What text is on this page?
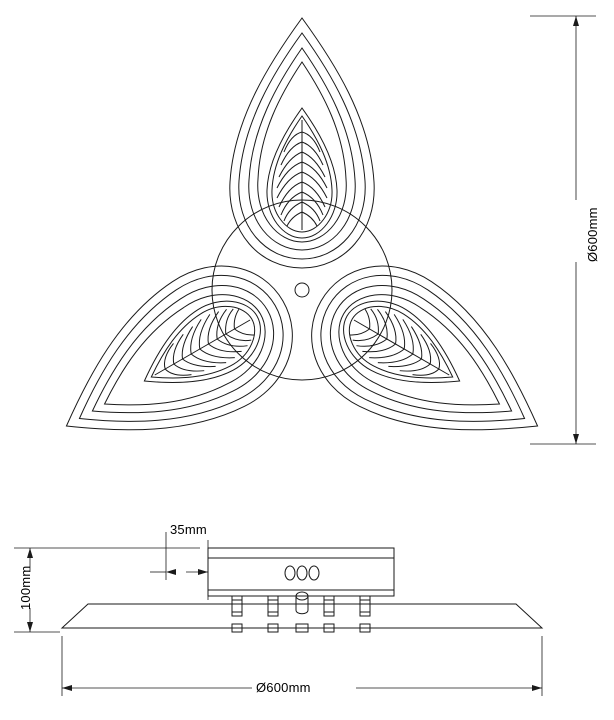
Ø600mm
35mm
100mm
Ø600mm
